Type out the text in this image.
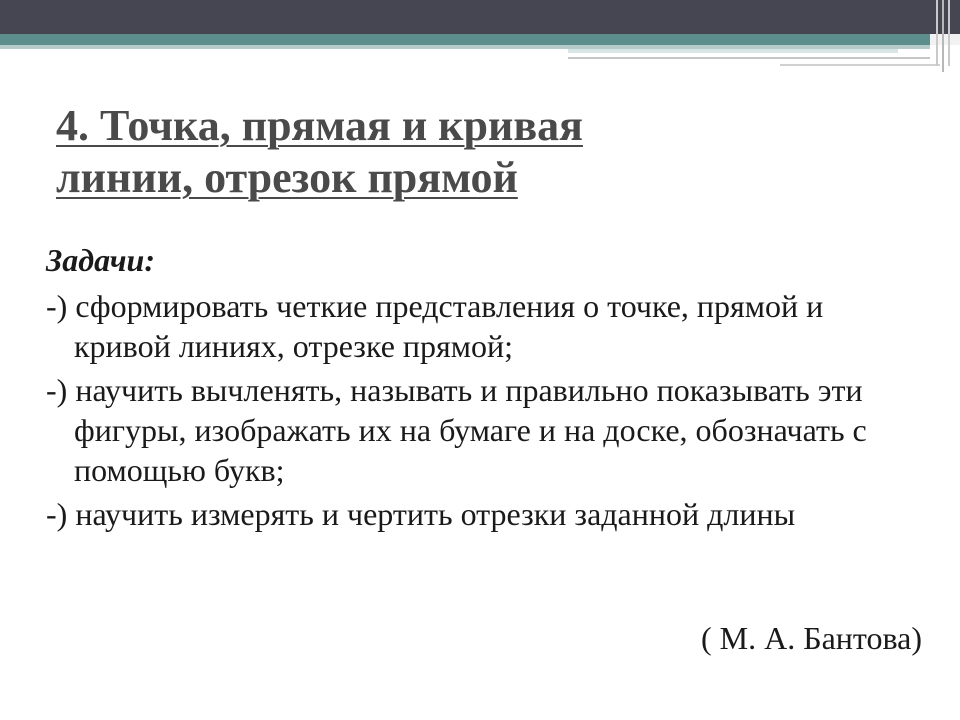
4. Точка, прямая и кривая
линии, отрезок прямой

Задачи:

-) сформировать четкие представления о точке, прямой и кривой линиях, отрезке прямой;

-) научить вычленять, называть и правильно показывать эти фигуры, изображать их на бумаге и на доске, обозначать с помощью букв;

-) научить измерять и чертить отрезки заданной длины

( М. А. Бантова)
